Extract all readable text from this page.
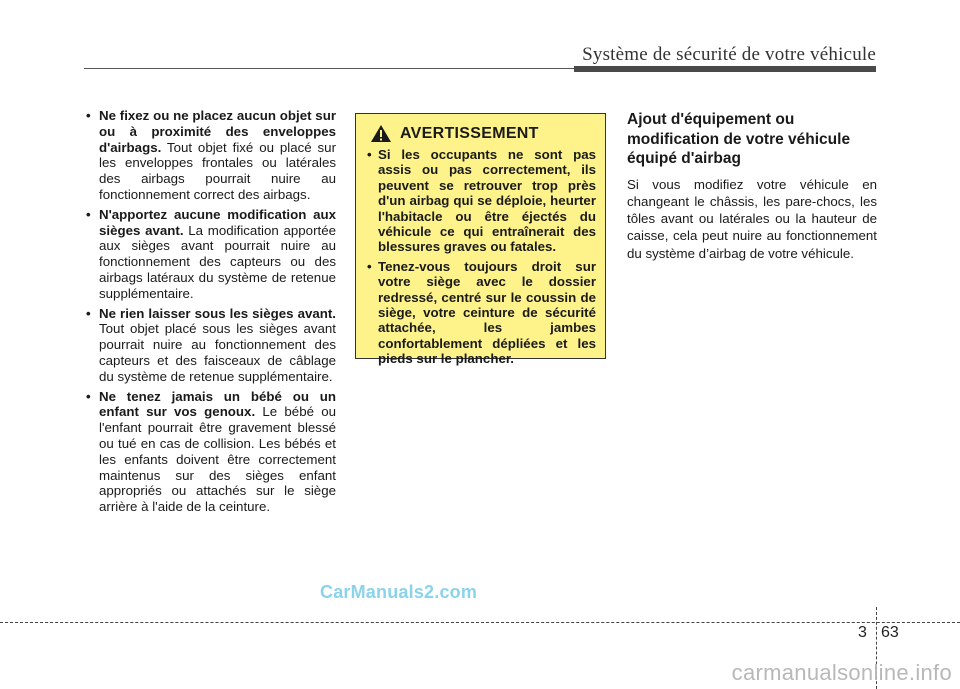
Système de sécurité de votre véhicule
• Ne fixez ou ne placez aucun objet sur ou à proximité des enveloppes d'airbags. Tout objet fixé ou placé sur les enveloppes frontales ou latérales des airbags pourrait nuire au fonctionnement correct des airbags.
• N'apportez aucune modification aux sièges avant. La modification apportée aux sièges avant pourrait nuire au fonctionnement des capteurs ou des airbags latéraux du système de retenue supplémentaire.
• Ne rien laisser sous les sièges avant. Tout objet placé sous les sièges avant pourrait nuire au fonctionnement des capteurs et des faisceaux de câblage du système de retenue supplémentaire.
• Ne tenez jamais un bébé ou un enfant sur vos genoux. Le bébé ou l'enfant pourrait être gravement blessé ou tué en cas de collision. Les bébés et les enfants doivent être correctement maintenus sur des sièges enfant appropriés ou attachés sur le siège arrière à l'aide de la ceinture.
AVERTISSEMENT
• Si les occupants ne sont pas assis ou pas correctement, ils peuvent se retrouver trop près d'un airbag qui se déploie, heurter l'habitacle ou être éjectés du véhicule ce qui entraînerait des blessures graves ou fatales.
• Tenez-vous toujours droit sur votre siège avec le dossier redressé, centré sur le coussin de siège, votre ceinture de sécurité attachée, les jambes confortablement dépliées et les pieds sur le plancher.
Ajout d'équipement ou modification de votre véhicule équipé d'airbag

Si vous modifiez votre véhicule en changeant le châssis, les pare-chocs, les tôles avant ou latérales ou la hauteur de caisse, cela peut nuire au fonctionnement du système d’airbag de votre véhicule.

CarManuals2.com
3 63
carmanualsonline.info
